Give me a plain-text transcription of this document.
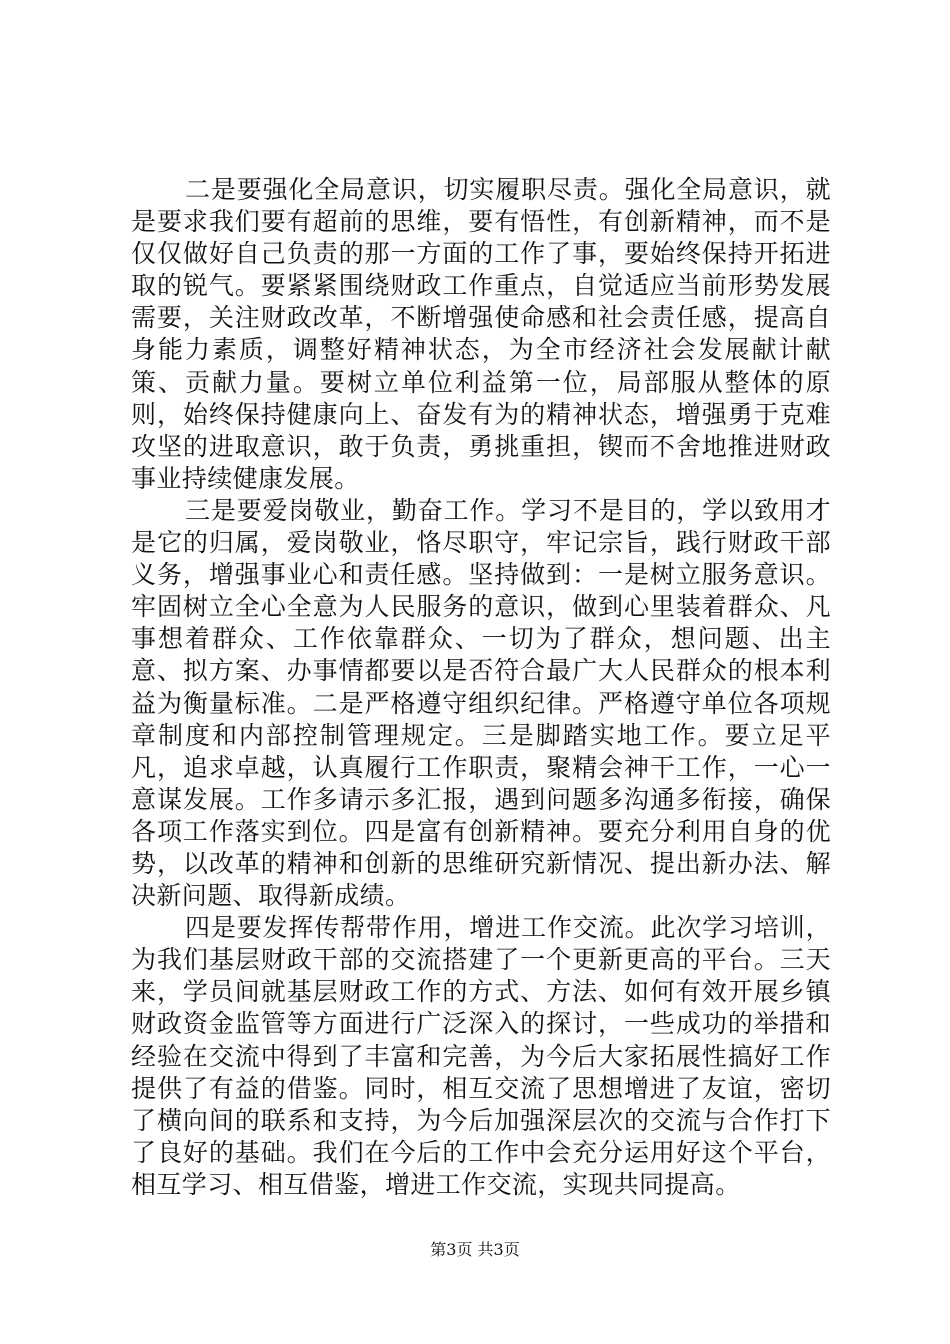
二是要强化全局意识，切实履职尽责。强化全局意识，就是要求我们要有超前的思维，要有悟性，有创新精神，而不是仅仅做好自己负责的那一方面的工作了事，要始终保持开拓进取的锐气。要紧紧围绕财政工作重点，自觉适应当前形势发展需要，关注财政改革，不断增强使命感和社会责任感，提高自身能力素质，调整好精神状态，为全市经济社会发展献计献策、贡献力量。要树立单位利益第一位，局部服从整体的原则，始终保持健康向上、奋发有为的精神状态，增强勇于克难攻坚的进取意识，敢于负责，勇挑重担，锲而不舍地推进财政事业持续健康发展。

三是要爱岗敬业，勤奋工作。学习不是目的，学以致用才是它的归属，爱岗敬业，恪尽职守，牢记宗旨，践行财政干部义务，增强事业心和责任感。坚持做到：一是树立服务意识。牢固树立全心全意为人民服务的意识，做到心里装着群众、凡事想着群众、工作依靠群众、一切为了群众，想问题、出主意、拟方案、办事情都要以是否符合最广大人民群众的根本利益为衡量标准。二是严格遵守组织纪律。严格遵守单位各项规章制度和内部控制管理规定。三是脚踏实地工作。要立足平凡，追求卓越，认真履行工作职责，聚精会神干工作，一心一意谋发展。工作多请示多汇报，遇到问题多沟通多衔接，确保各项工作落实到位。四是富有创新精神。要充分利用自身的优势，以改革的精神和创新的思维研究新情况、提出新办法、解决新问题、取得新成绩。

四是要发挥传帮带作用，增进工作交流。此次学习培训，为我们基层财政干部的交流搭建了一个更新更高的平台。三天来，学员间就基层财政工作的方式、方法、如何有效开展乡镇财政资金监管等方面进行广泛深入的探讨，一些成功的举措和经验在交流中得到了丰富和完善，为今后大家拓展性搞好工作提供了有益的借鉴。同时，相互交流了思想增进了友谊，密切了横向间的联系和支持，为今后加强深层次的交流与合作打下了良好的基础。我们在今后的工作中会充分运用好这个平台，相互学习、相互借鉴，增进工作交流，实现共同提高。

第3页 共3页
